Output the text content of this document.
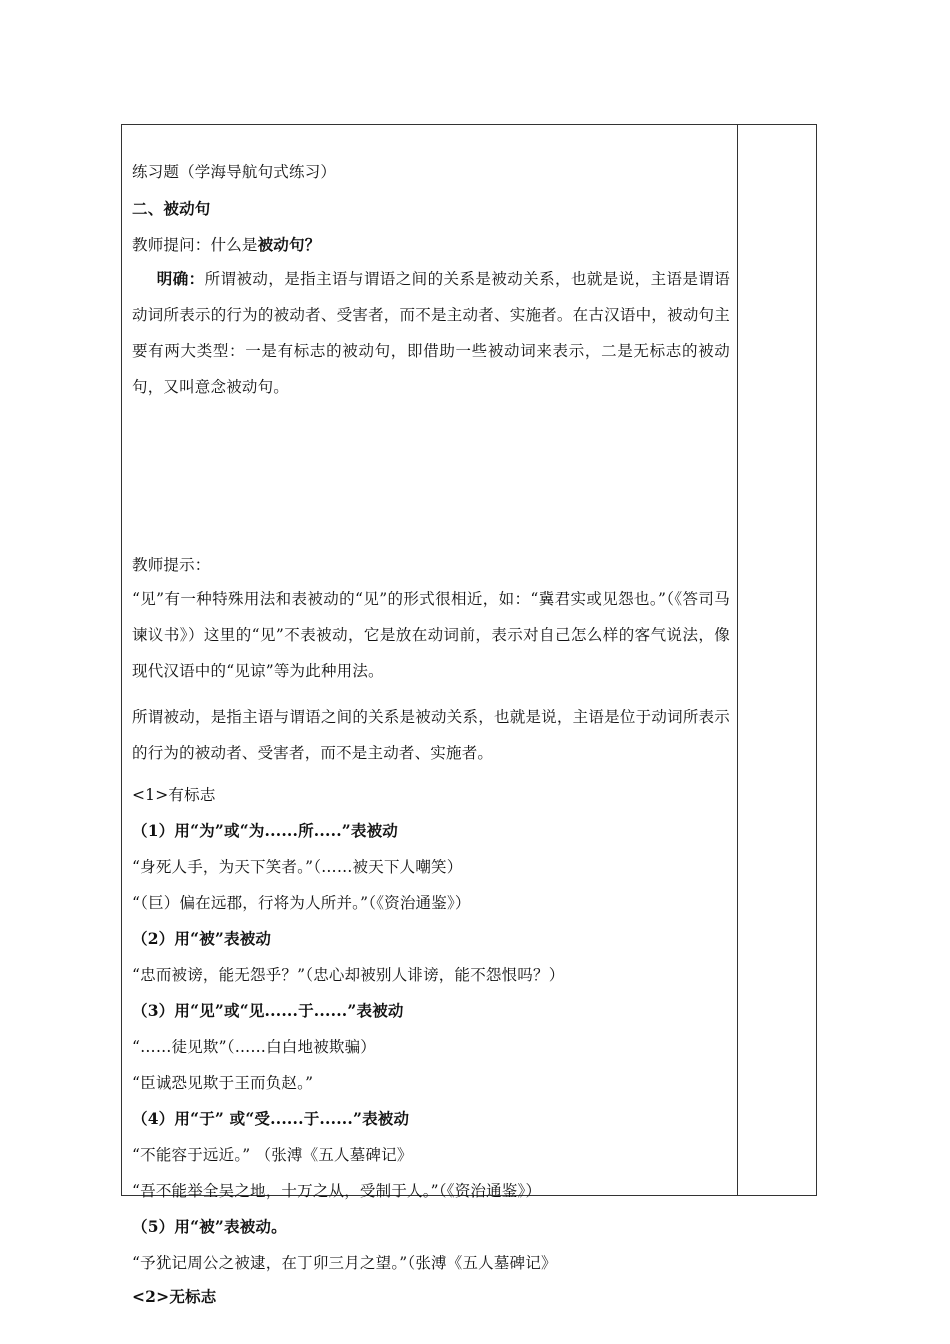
练习题（学海导航句式练习）
二、被动句
教师提问：什么是被动句？
明确：所谓被动，是指主语与谓语之间的关系是被动关系，也就是说，主语是谓语动词所表示的行为的被动者、受害者，而不是主动者、实施者。在古汉语中，被动句主要有两大类型：一是有标志的被动句，即借助一些被动词来表示，二是无标志的被动句，又叫意念被动句。
教师提示：
“见”有一种特殊用法和表被动的“见”的形式很相近，如：“冀君实或见怨也。”（《答司马谏议书》）这里的“见”不表被动，它是放在动词前，表示对自己怎么样的客气说法，像现代汉语中的“见谅”等为此种用法。
所谓被动，是指主语与谓语之间的关系是被动关系，也就是说，主语是位于动词所表示的行为的被动者、受害者，而不是主动者、实施者。
<1>有标志
（1）用“为”或“为......所.....”表被动
“身死人手，为天下笑者。”（……被天下人嘲笑）
“（巨）偏在远郡，行将为人所并。”（《资治通鉴》）
（2）用“被”表被动
“忠而被谤，能无怨乎？”（忠心却被别人诽谤，能不怨恨吗？）
（3）用“见”或“见......于......”表被动
“……徒见欺”（……白白地被欺骗）
“臣诚恐见欺于王而负赵。”
（4）用“于” 或“受......于......”表被动
“不能容于远近。” （张溥《五人墓碑记》
“吾不能举全吴之地，十万之从，受制于人。”（《资治通鉴》）
（5）用“被”表被动。
“予犹记周公之被逮，在丁卯三月之望。”（张溥《五人墓碑记》
<2>无标志
